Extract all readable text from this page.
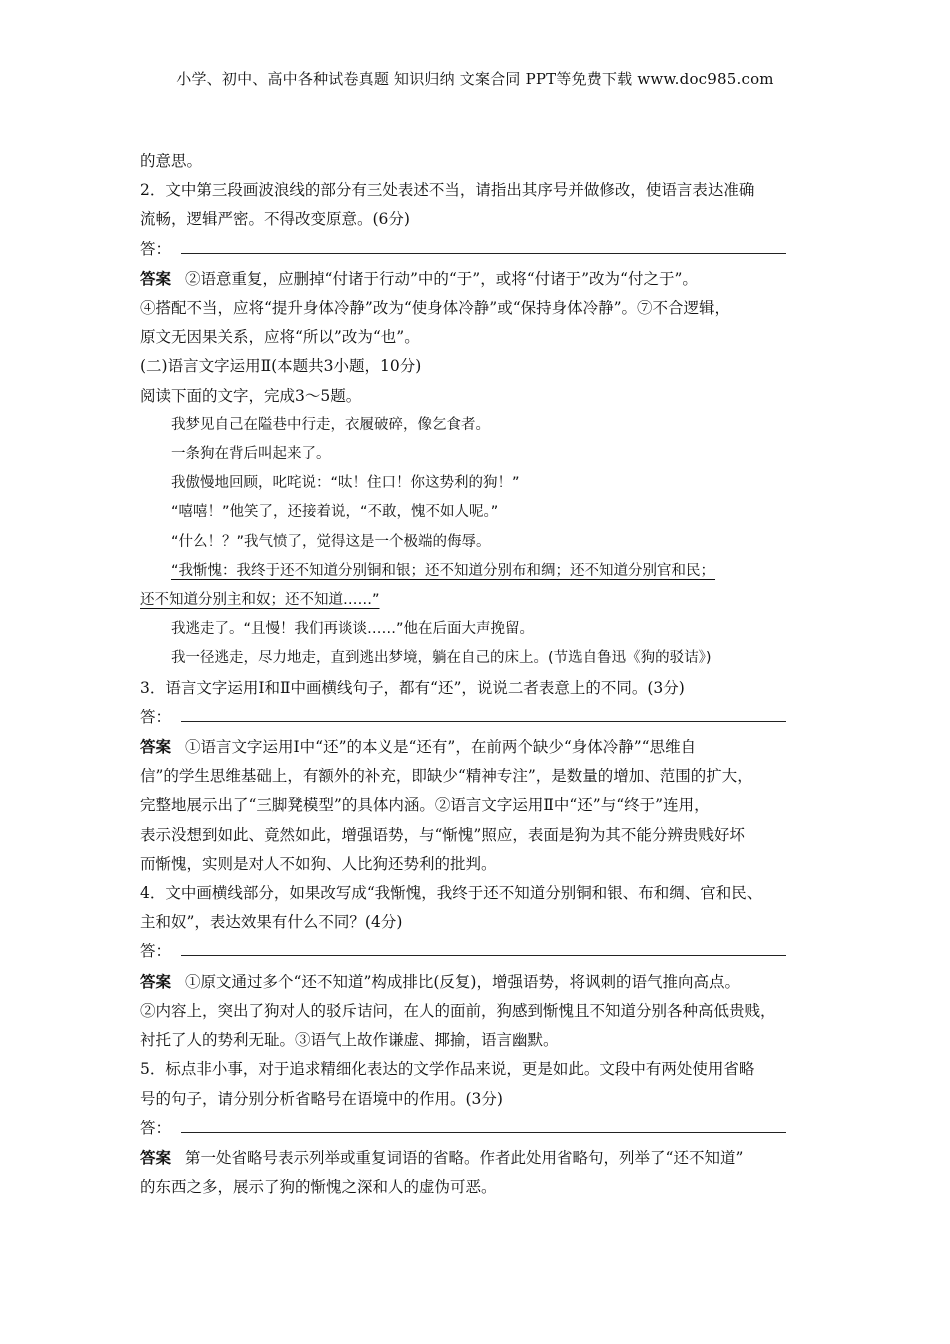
小学、初中、高中各种试卷真题 知识归纳 文案合同 PPT等免费下载 www.doc985.com
的意思。
2．文中第三段画波浪线的部分有三处表述不当，请指出其序号并做修改，使语言表达准确
流畅，逻辑严密。不得改变原意。(6分)
答：
答案 ②语意重复，应删掉“付诸于行动”中的“于”，或将“付诸于”改为“付之于”。
④搭配不当，应将“提升身体冷静”改为“使身体冷静”或“保持身体冷静”。⑦不合逻辑，
原文无因果关系，应将“所以”改为“也”。
(二)语言文字运用Ⅱ(本题共3小题，10分)
阅读下面的文字，完成3～5题。
我梦见自己在隘巷中行走，衣履破碎，像乞食者。
一条狗在背后叫起来了。
我傲慢地回顾，叱咤说：“呔！住口！你这势利的狗！”
“嘻嘻！”他笑了，还接着说，“不敢，愧不如人呢。”
“什么！？”我气愤了，觉得这是一个极端的侮辱。
“我惭愧：我终于还不知道分别铜和银；还不知道分别布和绸；还不知道分别官和民；
还不知道分别主和奴；还不知道……”
我逃走了。“且慢！我们再谈谈……”他在后面大声挽留。
我一径逃走，尽力地走，直到逃出梦境，躺在自己的床上。(节选自鲁迅《狗的驳诘》)
3．语言文字运用Ⅰ和Ⅱ中画横线句子，都有“还”，说说二者表意上的不同。(3分)
答：
答案 ①语言文字运用Ⅰ中“还”的本义是“还有”，在前两个缺少“身体冷静”“思维自
信”的学生思维基础上，有额外的补充，即缺少“精神专注”，是数量的增加、范围的扩大，
完整地展示出了“三脚凳模型”的具体内涵。②语言文字运用Ⅱ中“还”与“终于”连用，
表示没想到如此、竟然如此，增强语势，与“惭愧”照应，表面是狗为其不能分辨贵贱好坏
而惭愧，实则是对人不如狗、人比狗还势利的批判。
4．文中画横线部分，如果改写成“我惭愧，我终于还不知道分别铜和银、布和绸、官和民、
主和奴”，表达效果有什么不同？(4分)
答：
答案 ①原文通过多个“还不知道”构成排比(反复)，增强语势，将讽刺的语气推向高点。
②内容上，突出了狗对人的驳斥诘问，在人的面前，狗感到惭愧且不知道分别各种高低贵贱，
衬托了人的势利无耻。③语气上故作谦虚、揶揄，语言幽默。
5．标点非小事，对于追求精细化表达的文学作品来说，更是如此。文段中有两处使用省略
号的句子，请分别分析省略号在语境中的作用。(3分)
答：
答案 第一处省略号表示列举或重复词语的省略。作者此处用省略句，列举了“还不知道”
的东西之多，展示了狗的惭愧之深和人的虚伪可恶。
